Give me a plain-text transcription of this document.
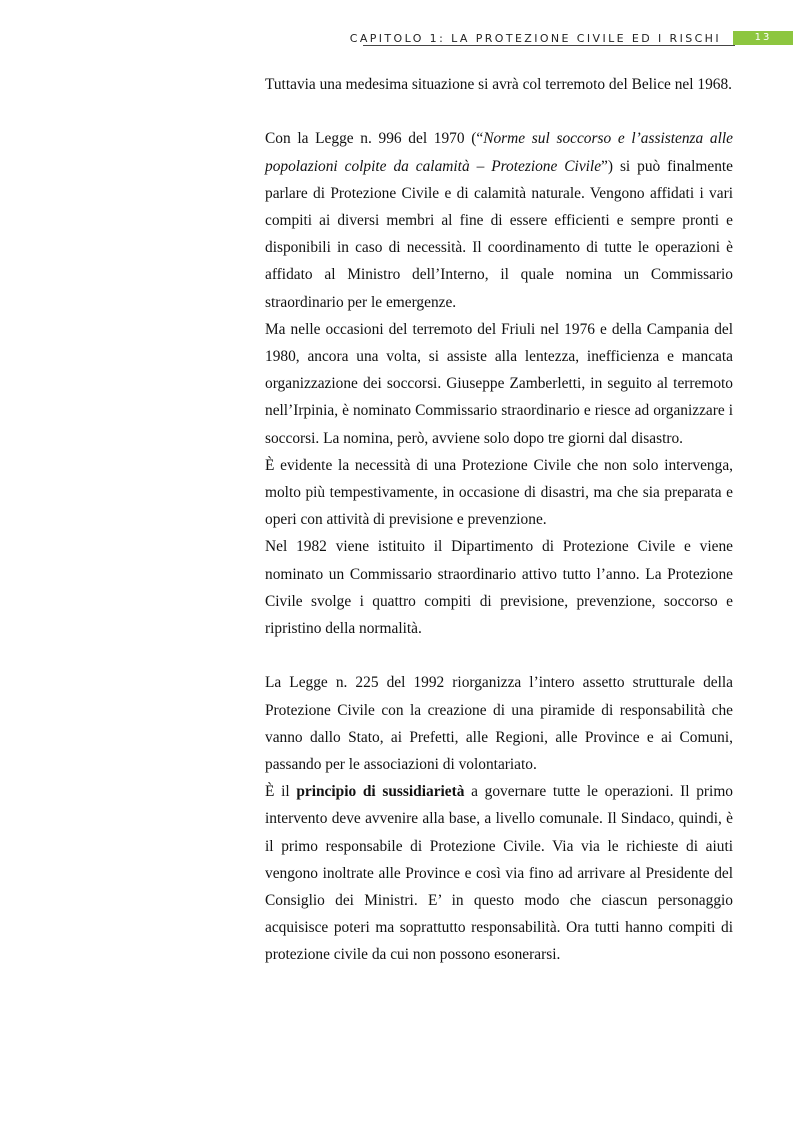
CAPITOLO 1: LA PROTEZIONE CIVILE ED I RISCHI	13

Tuttavia una medesima situazione si avrà col terremoto del Belice nel 1968.

Con la Legge n. 996 del 1970 (“Norme sul soccorso e l’assistenza alle popolazioni colpite da calamità – Protezione Civile”) si può finalmente parlare di Protezione Civile e di calamità naturale. Vengono affidati i vari compiti ai diversi membri al fine di essere efficienti e sempre pronti e disponibili in caso di necessità. Il coordinamento di tutte le operazioni è affidato al Ministro dell’Interno, il quale nomina un Commissario straordinario per le emergenze.

Ma nelle occasioni del terremoto del Friuli nel 1976 e della Campania del 1980, ancora una volta, si assiste alla lentezza, inefficienza e mancata organizzazione dei soccorsi. Giuseppe Zamberletti, in seguito al terremoto nell’Irpinia, è nominato Commissario straordinario e riesce ad organizzare i soccorsi. La nomina, però, avviene solo dopo tre giorni dal disastro.

È evidente la necessità di una Protezione Civile che non solo intervenga, molto più tempestivamente, in occasione di disastri, ma che sia preparata e operi con attività di previsione e prevenzione.

Nel 1982 viene istituito il Dipartimento di Protezione Civile e viene nominato un Commissario straordinario attivo tutto l’anno. La Protezione Civile svolge i quattro compiti di previsione, prevenzione, soccorso e ripristino della normalità.

La Legge n. 225 del 1992 riorganizza l’intero assetto strutturale della Protezione Civile con la creazione di una piramide di responsabilità che vanno dallo Stato, ai Prefetti, alle Regioni, alle Province e ai Comuni, passando per le associazioni di volontariato.

È il principio di sussidiarietà a governare tutte le operazioni. Il primo intervento deve avvenire alla base, a livello comunale. Il Sindaco, quindi, è il primo responsabile di Protezione Civile. Via via le richieste di aiuti vengono inoltrate alle Province e così via fino ad arrivare al Presidente del Consiglio dei Ministri. E’ in questo modo che ciascun personaggio acquisisce poteri ma soprattutto responsabilità. Ora tutti hanno compiti di protezione civile da cui non possono esonerarsi.
